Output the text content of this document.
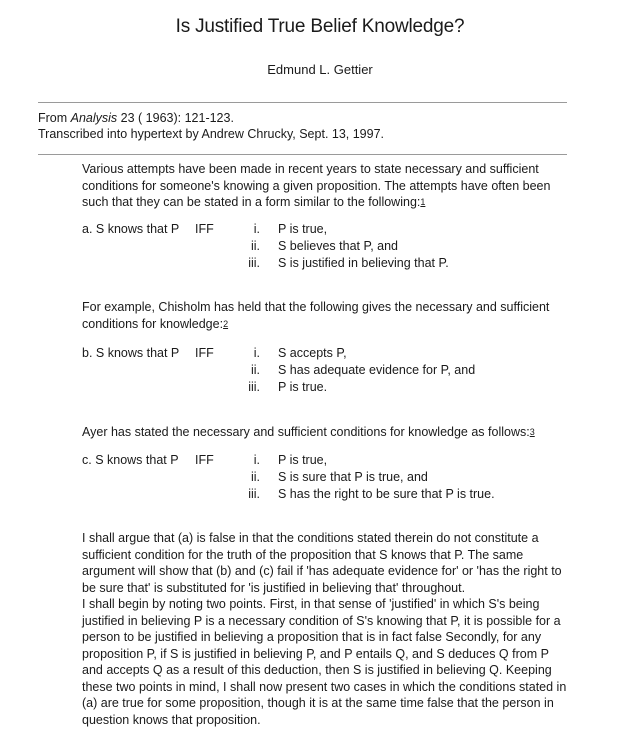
Is Justified True Belief Knowledge?
Edmund L. Gettier
From Analysis 23 ( 1963): 121-123.
Transcribed into hypertext by Andrew Chrucky, Sept. 13, 1997.
Various attempts have been made in recent years to state necessary and sufficient conditions for someone's knowing a given proposition. The attempts have often been such that they can be stated in a form similar to the following:$^1$
a. S knows that P IFF	i. P is true,
ii. S believes that P, and
iii. S is justified in believing that P.
For example, Chisholm has held that the following gives the necessary and sufficient conditions for knowledge:$^2$
b. S knows that P IFF	i. S accepts P,
ii. S has adequate evidence for P, and
iii. P is true.
Ayer has stated the necessary and sufficient conditions for knowledge as follows:$^3$
c. S knows that P IFF	i. P is true,
ii. S is sure that P is true, and
iii. S has the right to be sure that P is true.
I shall argue that (a) is false in that the conditions stated therein do not constitute a sufficient condition for the truth of the proposition that S knows that P. The same argument will show that (b) and (c) fail if 'has adequate evidence for' or 'has the right to be sure that' is substituted for 'is justified in believing that' throughout.
I shall begin by noting two points. First, in that sense of 'justified' in which S's being justified in believing P is a necessary condition of S's knowing that P, it is possible for a person to be justified in believing a proposition that is in fact false Secondly, for any proposition P, if S is justified in believing P, and P entails Q, and S deduces Q from P and accepts Q as a result of this deduction, then S is justified in believing Q. Keeping these two points in mind, I shall now present two cases in which the conditions stated in (a) are true for some proposition, though it is at the same time false that the person in question knows that proposition.
